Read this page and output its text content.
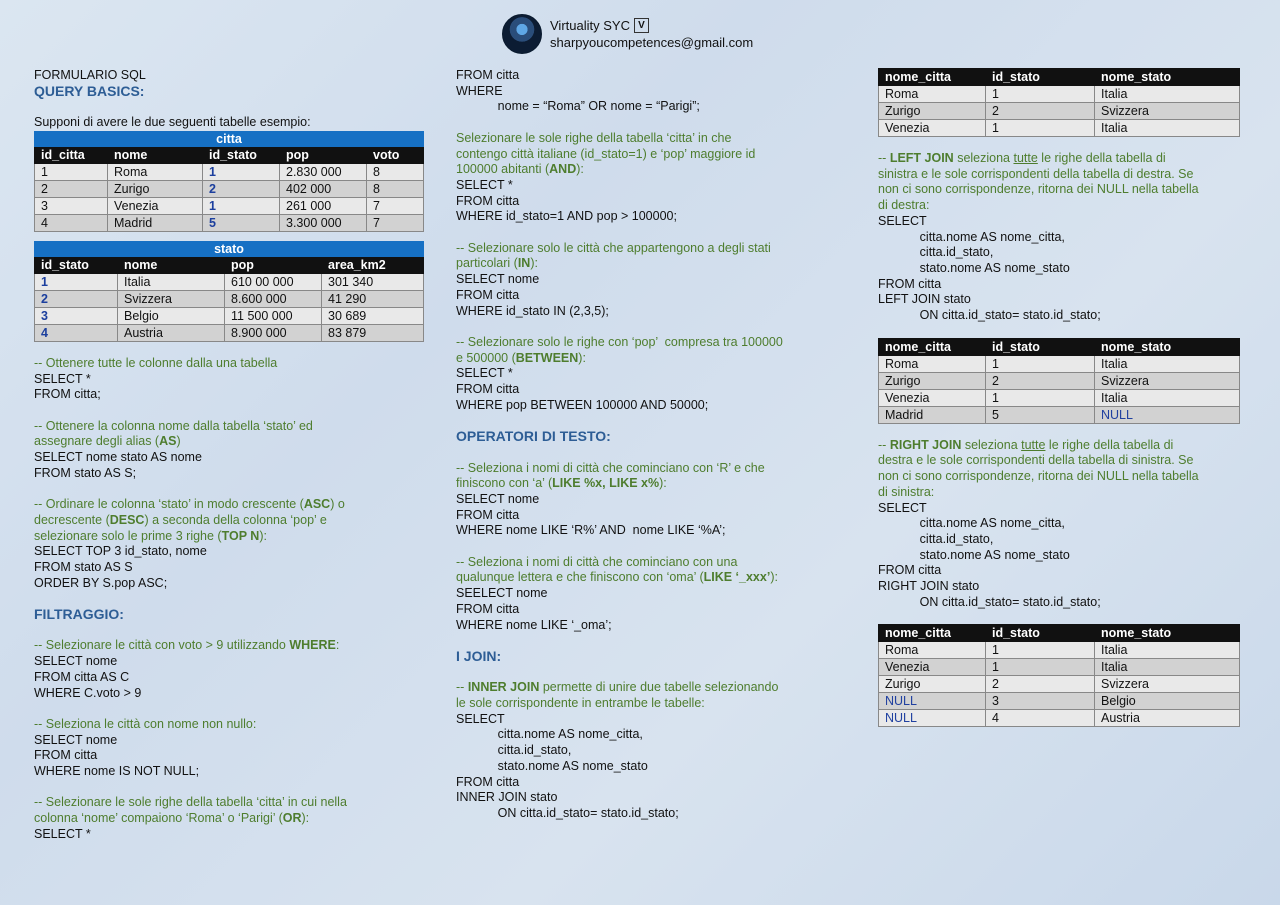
Virtuality SYC V
sharpyoucompetences@gmail.com
FORMULARIO SQL
QUERY BASICS:
Supponi di avere le due seguenti tabelle esempio:
citta				
id_citta	nome	id_stato	pop	voto
1	Roma	1	2.830 000	8
2	Zurigo	2	402 000	8
3	Venezia	1	261 000	7
4	Madrid	5	3.300 000	7
stato			
id_stato	nome	pop	area_km2
1	Italia	610 00 000	301 340
2	Svizzera	8.600 000	41 290
3	Belgio	11 500 000	30 689
4	Austria	8.900 000	83 879
-- Ottenere tutte le colonne dalla una tabella
SELECT *
FROM citta;
-- Ottenere la colonna nome dalla tabella ‘stato’ ed
assegnare degli alias (AS)
SELECT nome stato AS nome
FROM stato AS S;
-- Ordinare le colonna ‘stato’ in modo crescente (ASC) o
decrescente (DESC) a seconda della colonna ‘pop’ e
selezionare solo le prime 3 righe (TOP N):
SELECT TOP 3 id_stato, nome
FROM stato AS S
ORDER BY S.pop ASC;
FILTRAGGIO:
-- Selezionare le città con voto > 9 utilizzando WHERE:
SELECT nome
FROM citta AS C
WHERE C.voto > 9
-- Seleziona le città con nome non nullo:
SELECT nome
FROM citta
WHERE nome IS NOT NULL;
-- Selezionare le sole righe della tabella ‘citta’ in cui nella
colonna ‘nome’ compaiono ‘Roma’ o ‘Parigi’ (OR):
SELECT *
FROM citta
WHERE
nome = “Roma” OR nome = “Parigi”;
Selezionare le sole righe della tabella ‘citta’ in che
contengo città italiane (id_stato=1) e ‘pop’ maggiore id
100000 abitanti (AND):
SELECT *
FROM citta
WHERE id_stato=1 AND pop > 100000;
-- Selezionare solo le città che appartengono a degli stati
particolari (IN):
SELECT nome
FROM citta
WHERE id_stato IN (2,3,5);
-- Selezionare solo le righe con ‘pop’  compresa tra 100000
e 500000 (BETWEEN):
SELECT *
FROM citta
WHERE pop BETWEEN 100000 AND 50000;
OPERATORI DI TESTO:
-- Seleziona i nomi di città che cominciano con ‘R’ e che
finiscono con ‘a’ (LIKE %x, LIKE x%):
SELECT nome
FROM citta
WHERE nome LIKE ‘R%’ AND  nome LIKE ‘%A’;
-- Seleziona i nomi di città che cominciano con una
qualunque lettera e che finiscono con ‘oma’ (LIKE ‘_xxx’):
SEELECT nome
FROM citta
WHERE nome LIKE ‘_oma’;
I JOIN:
-- INNER JOIN permette di unire due tabelle selezionando
le sole corrispondente in entrambe le tabelle:
SELECT
citta.nome AS nome_citta,
citta.id_stato,
stato.nome AS nome_stato
FROM citta
INNER JOIN stato
ON citta.id_stato= stato.id_stato;
nome_citta	id_stato	nome_stato
Roma	1	Italia
Zurigo	2	Svizzera
Venezia	1	Italia
-- LEFT JOIN seleziona tutte le righe della tabella di
sinistra e le sole corrispondenti della tabella di destra. Se
non ci sono corrispondenze, ritorna dei NULL nella tabella
di destra:
SELECT
citta.nome AS nome_citta,
citta.id_stato,
stato.nome AS nome_stato
FROM citta
LEFT JOIN stato
ON citta.id_stato= stato.id_stato;
nome_citta	id_stato	nome_stato
Roma	1	Italia
Zurigo	2	Svizzera
Venezia	1	Italia
Madrid	5	NULL
-- RIGHT JOIN seleziona tutte le righe della tabella di
destra e le sole corrispondenti della tabella di sinistra. Se
non ci sono corrispondenze, ritorna dei NULL nella tabella
di sinistra:
SELECT
citta.nome AS nome_citta,
citta.id_stato,
stato.nome AS nome_stato
FROM citta
RIGHT JOIN stato
ON citta.id_stato= stato.id_stato;
nome_citta	id_stato	nome_stato
Roma	1	Italia
Venezia	1	Italia
Zurigo	2	Svizzera
NULL	3	Belgio
NULL	4	Austria
